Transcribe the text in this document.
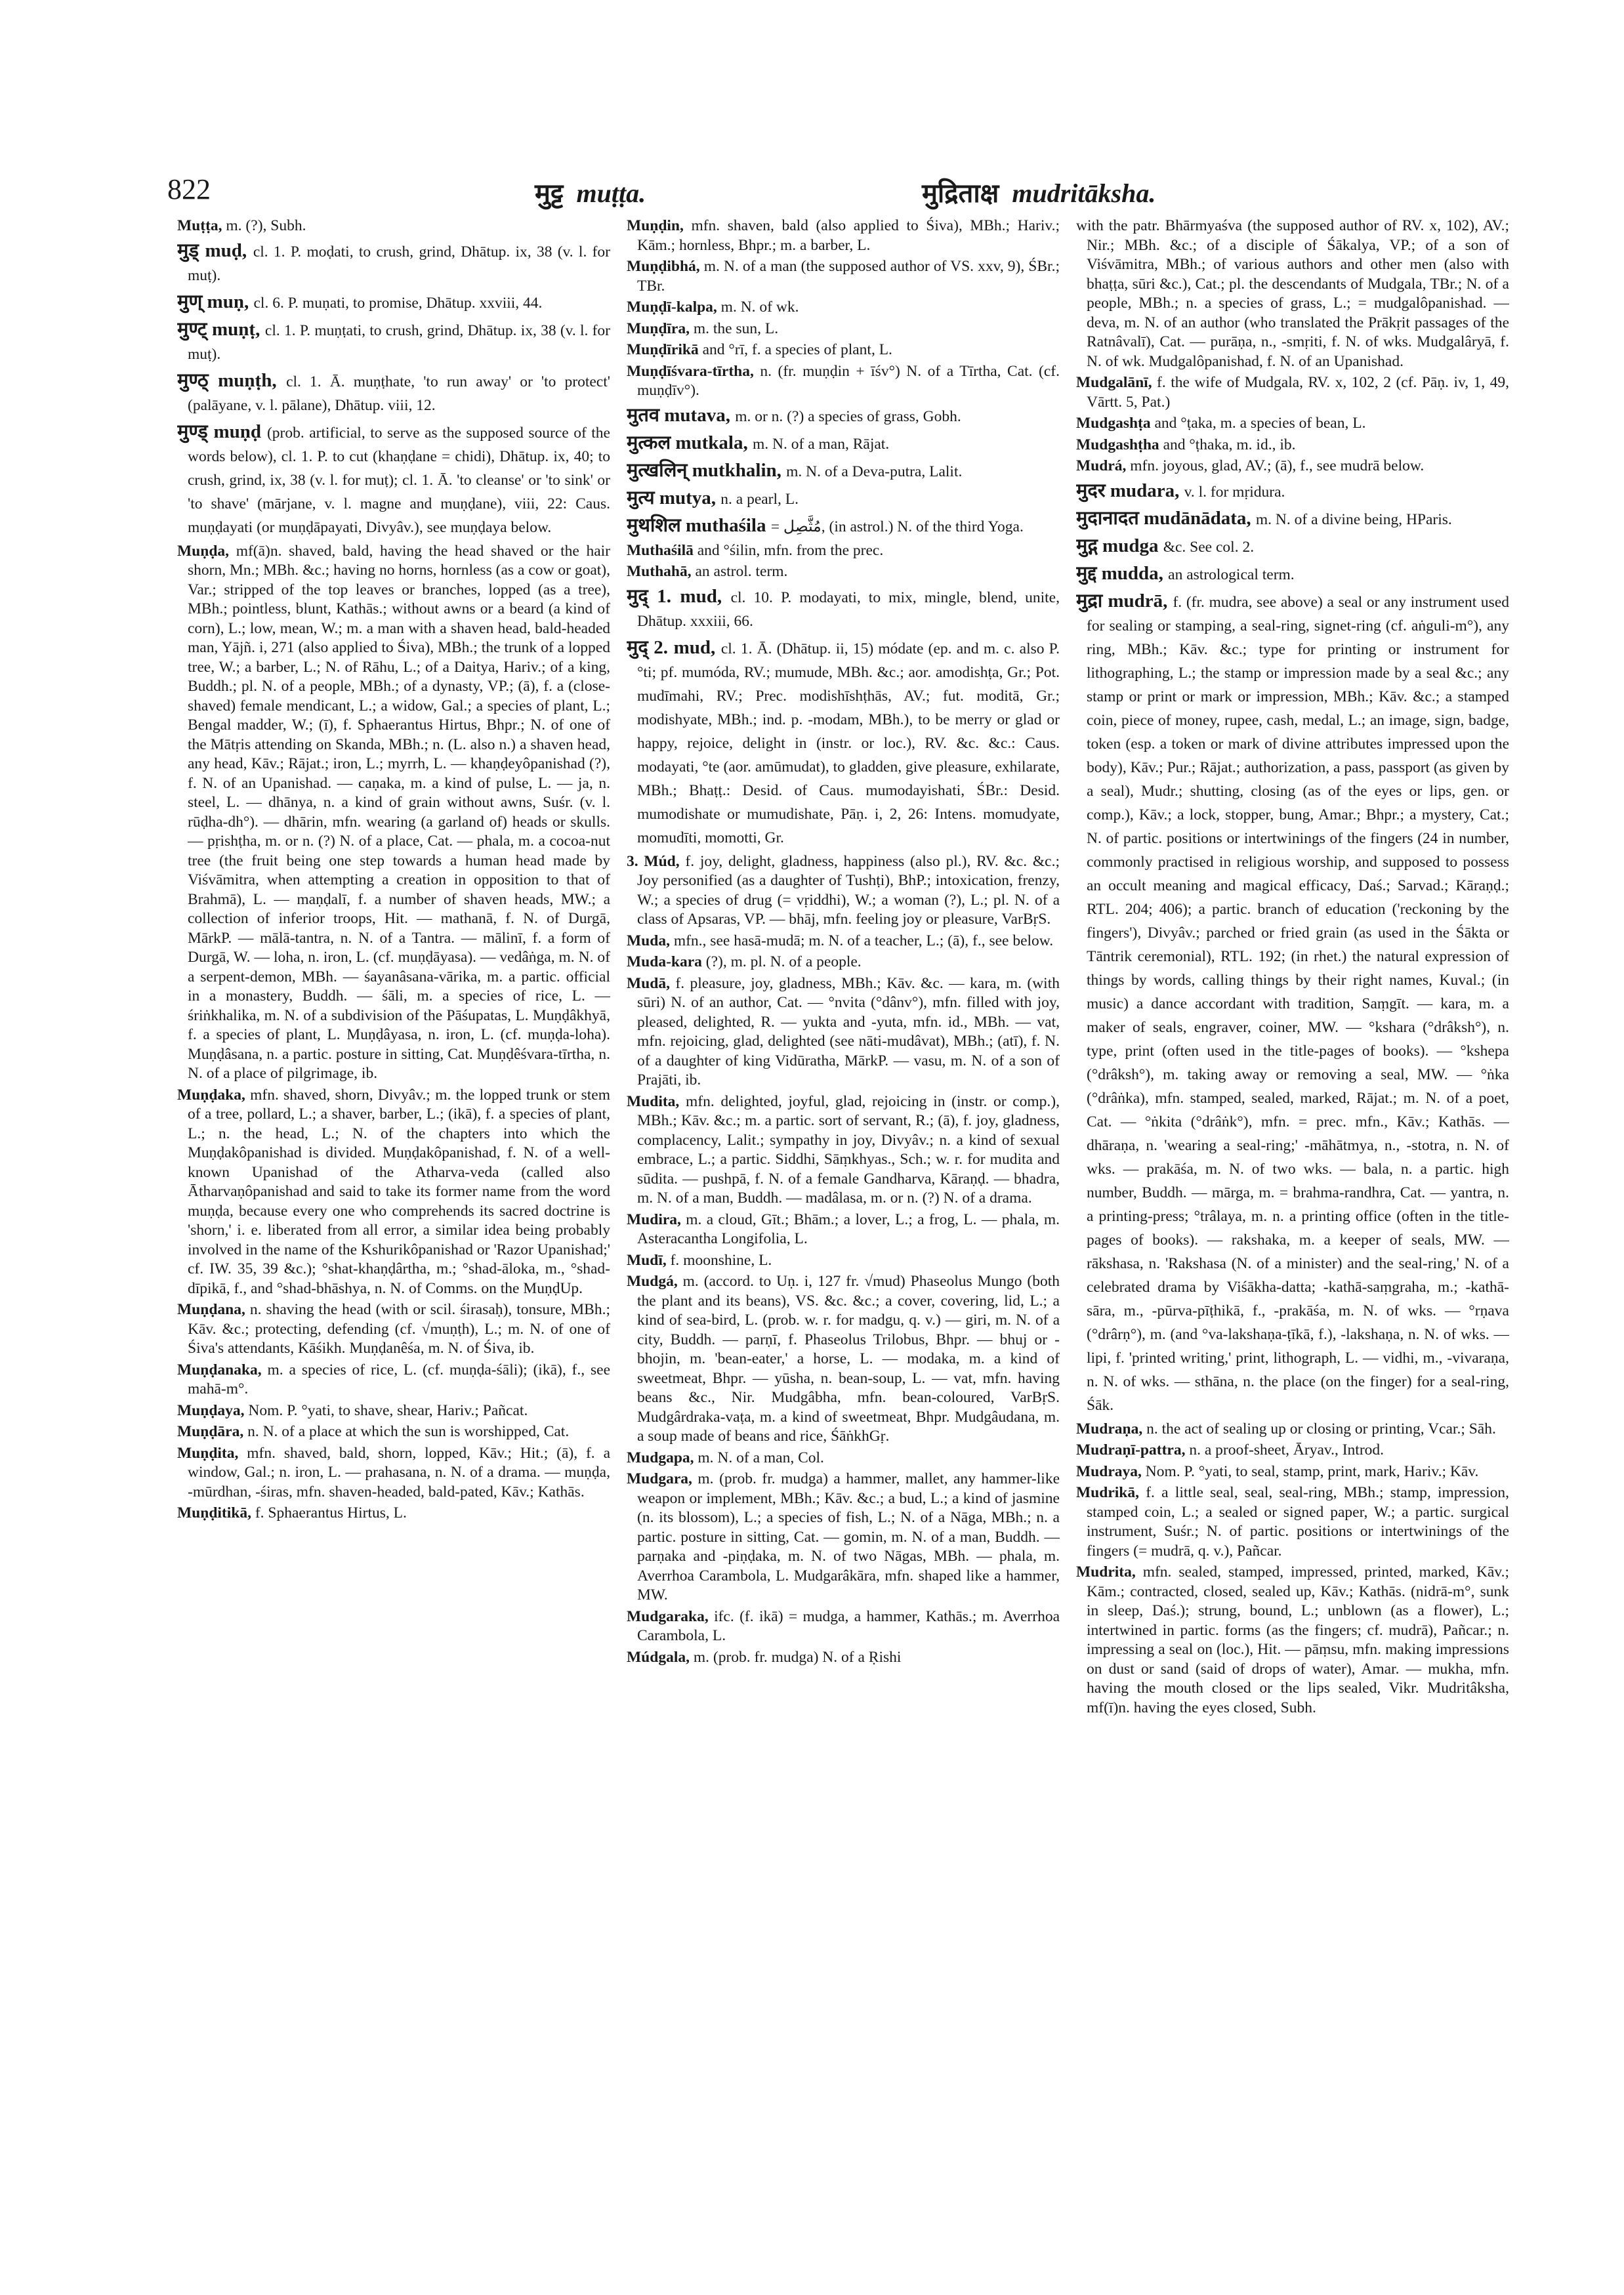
822	मुट्ट muṭṭa.	मुद्रिताक्ष mudritāksha.

Muṭṭa, m. (?), Subh.

मुड् muḍ, cl. 1. P. moḍati, to crush, grind, Dhātup. ix, 38 (v. l. for muṭ).

मुण् muṇ, cl. 6. P. muṇati, to promise, Dhātup. xxviii, 44.

मुण्ट् muṇṭ, cl. 1. P. muṇṭati, to crush, grind, Dhātup. ix, 38 (v. l. for muṭ).

मुण्ठ् muṇṭh, cl. 1. Ā. muṇṭhate, 'to run away' or 'to protect' (palāyane, v. l. pālane), Dhātup. viii, 12.

मुण्ड् muṇḍ (prob. artificial, to serve as the supposed source of the words below), cl. 1. P. to cut (khaṇḍane = chidi), Dhātup. ix, 40; to crush, grind, ix, 38 (v. l. for muṭ); cl. 1. Ā. 'to cleanse' or 'to sink' or 'to shave' (mārjane, v. l. magne and muṇḍane), viii, 22: Caus. muṇḍayati (or muṇḍāpayati, Divyâv.), see muṇḍaya below.

Muṇḍa, mf(ā)n. shaved, bald, having the head shaved or the hair shorn, Mn.; MBh. &c.; having no horns, hornless (as a cow or goat), Var.; stripped of the top leaves or branches, lopped (as a tree), MBh.; pointless, blunt, Kathās.; without awns or a beard (a kind of corn), L.; low, mean, W.; m. a man with a shaven head, bald-headed man, Yājñ. i, 271 (also applied to Śiva), MBh.; the trunk of a lopped tree, W.; a barber, L.; N. of Rāhu, L.; of a Daitya, Hariv.; of a king, Buddh.; pl. N. of a people, MBh.; of a dynasty, VP.; (ā), f. a (close-shaved) female mendicant, L.; a widow, Gal.; a species of plant, L.; Bengal madder, W.; (ī), f. Sphaerantus Hirtus, Bhpr.; N. of one of the Mātṛis attending on Skanda, MBh.; n. (L. also n.) a shaven head, any head, Kāv.; Rājat.; iron, L.; myrrh, L. — khaṇḍeyôpanishad (?), f. N. of an Upanishad. — caṇaka, m. a kind of pulse, L. — ja, n. steel, L. — dhānya, n. a kind of grain without awns, Suśr. (v. l. rūḍha-dh°). — dhārin, mfn. wearing (a garland of) heads or skulls. — pṛishṭha, m. or n. (?) N. of a place, Cat. — phala, m. a cocoa-nut tree (the fruit being one step towards a human head made by Viśvāmitra, when attempting a creation in opposition to that of Brahmā), L. — maṇḍalī, f. a number of shaven heads, MW.; a collection of inferior troops, Hit. — mathanā, f. N. of Durgā, MārkP. — mālā-tantra, n. N. of a Tantra. — mālinī, f. a form of Durgā, W. — loha, n. iron, L. (cf. muṇḍāyasa). — vedâṅga, m. N. of a serpent-demon, MBh. — śayanâsana-vārika, m. a partic. official in a monastery, Buddh. — śāli, m. a species of rice, L. — śriṅkhalika, m. N. of a subdivision of the Pāśupatas, L. Muṇḍâkhyā, f. a species of plant, L. Muṇḍâyasa, n. iron, L. (cf. muṇḍa-loha). Muṇḍâsana, n. a partic. posture in sitting, Cat. Muṇḍêśvara-tīrtha, n. N. of a place of pilgrimage, ib.

Muṇḍaka, mfn. shaved, shorn, Divyâv.; m. the lopped trunk or stem of a tree, pollard, L.; a shaver, barber, L.; (ikā), f. a species of plant, L.; n. the head, L.; N. of the chapters into which the Muṇḍakôpanishad is divided. Muṇḍakôpanishad, f. N. of a well-known Upanishad of the Atharva-veda (called also Ātharvaṇôpanishad and said to take its former name from the word muṇḍa, because every one who comprehends its sacred doctrine is 'shorn,' i. e. liberated from all error, a similar idea being probably involved in the name of the Kshurikôpanishad or 'Razor Upanishad;' cf. IW. 35, 39 &c.); °shat-khaṇḍârtha, m.; °shad-āloka, m., °shad-dīpikā, f., and °shad-bhāshya, n. N. of Comms. on the MuṇḍUp.

Muṇḍana, n. shaving the head (with or scil. śirasaḥ), tonsure, MBh.; Kāv. &c.; protecting, defending (cf. √muṇṭh), L.; m. N. of one of Śiva's attendants, Kāśikh. Muṇḍanêśa, m. N. of Śiva, ib.

Muṇḍanaka, m. a species of rice, L. (cf. muṇḍa-śāli); (ikā), f., see mahā-m°.

Muṇḍaya, Nom. P. °yati, to shave, shear, Hariv.; Pañcat.

Muṇḍāra, n. N. of a place at which the sun is worshipped, Cat.

Muṇḍita, mfn. shaved, bald, shorn, lopped, Kāv.; Hit.; (ā), f. a window, Gal.; n. iron, L. — prahasana, n. N. of a drama. — muṇḍa, -mūrdhan, -śiras, mfn. shaven-headed, bald-pated, Kāv.; Kathās.

Muṇḍitikā, f. Sphaerantus Hirtus, L.

Muṇḍin, mfn. shaven, bald (also applied to Śiva), MBh.; Hariv.; Kām.; hornless, Bhpr.; m. a barber, L.

Muṇḍibhá, m. N. of a man (the supposed author of VS. xxv, 9), ŚBr.; TBr.

Muṇḍī-kalpa, m. N. of wk.

Muṇḍīra, m. the sun, L.

Muṇḍīrikā and °rī, f. a species of plant, L.

Muṇḍīśvara-tīrtha, n. (fr. muṇḍin + īśv°) N. of a Tīrtha, Cat. (cf. muṇḍīv°).

मुतव mutava, m. or n. (?) a species of grass, Gobh.

मुत्कल mutkala, m. N. of a man, Rājat.

मुत्खलिन् mutkhalin, m. N. of a Deva-putra, Lalit.

मुत्य mutya, n. a pearl, L.

मुथशिल muthaśila = مُثَّصِل, (in astrol.) N. of the third Yoga.

Muthaśilā and °śilin, mfn. from the prec.

Muthahā, an astrol. term.

मुद् 1. mud, cl. 10. P. modayati, to mix, mingle, blend, unite, Dhātup. xxxiii, 66.

मुद् 2. mud, cl. 1. Ā. (Dhātup. ii, 15) módate (ep. and m. c. also P. °ti; pf. mumóda, RV.; mumude, MBh. &c.; aor. amodishṭa, Gr.; Pot. mudīmahi, RV.; Prec. modishīshṭhās, AV.; fut. moditā, Gr.; modishyate, MBh.; ind. p. -modam, MBh.), to be merry or glad or happy, rejoice, delight in (instr. or loc.), RV. &c. &c.: Caus. modayati, °te (aor. amūmudat), to gladden, give pleasure, exhilarate, MBh.; Bhaṭṭ.: Desid. of Caus. mumodayishati, ŚBr.: Desid. mumodishate or mumudishate, Pāṇ. i, 2, 26: Intens. momudyate, momudīti, momotti, Gr.

3. Múd, f. joy, delight, gladness, happiness (also pl.), RV. &c. &c.; Joy personified (as a daughter of Tushṭi), BhP.; intoxication, frenzy, W.; a species of drug (= vṛiddhi), W.; a woman (?), L.; pl. N. of a class of Apsaras, VP. — bhāj, mfn. feeling joy or pleasure, VarBṛS.

Muda, mfn., see hasā-mudā; m. N. of a teacher, L.; (ā), f., see below.

Muda-kara (?), m. pl. N. of a people.

Mudā, f. pleasure, joy, gladness, MBh.; Kāv. &c. — kara, m. (with sūri) N. of an author, Cat. — °nvita (°dânv°), mfn. filled with joy, pleased, delighted, R. — yukta and -yuta, mfn. id., MBh. — vat, mfn. rejoicing, glad, delighted (see nāti-mudâvat), MBh.; (atī), f. N. of a daughter of king Vidūratha, MārkP. — vasu, m. N. of a son of Prajāti, ib.

Mudita, mfn. delighted, joyful, glad, rejoicing in (instr. or comp.), MBh.; Kāv. &c.; m. a partic. sort of servant, R.; (ā), f. joy, gladness, complacency, Lalit.; sympathy in joy, Divyâv.; n. a kind of sexual embrace, L.; a partic. Siddhi, Sāṃkhyas., Sch.; w. r. for mudita and sūdita. — pushpā, f. N. of a female Gandharva, Kāraṇḍ. — bhadra, m. N. of a man, Buddh. — madâlasa, m. or n. (?) N. of a drama.

Mudira, m. a cloud, Gīt.; Bhām.; a lover, L.; a frog, L. — phala, m. Asteracantha Longifolia, L.

Mudī, f. moonshine, L.

Mudgá, m. (accord. to Uṇ. i, 127 fr. √mud) Phaseolus Mungo (both the plant and its beans), VS. &c. &c.; a cover, covering, lid, L.; a kind of sea-bird, L. (prob. w. r. for madgu, q. v.) — giri, m. N. of a city, Buddh. — parṇī, f. Phaseolus Trilobus, Bhpr. — bhuj or -bhojin, m. 'bean-eater,' a horse, L. — modaka, m. a kind of sweetmeat, Bhpr. — yūsha, n. bean-soup, L. — vat, mfn. having beans &c., Nir. Mudgâbha, mfn. bean-coloured, VarBṛS. Mudgârdraka-vaṭa, m. a kind of sweetmeat, Bhpr. Mudgâudana, m. a soup made of beans and rice, ŚāṅkhGṛ.

Mudgapa, m. N. of a man, Col.

Mudgara, m. (prob. fr. mudga) a hammer, mallet, any hammer-like weapon or implement, MBh.; Kāv. &c.; a bud, L.; a kind of jasmine (n. its blossom), L.; a species of fish, L.; N. of a Nāga, MBh.; n. a partic. posture in sitting, Cat. — gomin, m. N. of a man, Buddh. — parṇaka and -piṇḍaka, m. N. of two Nāgas, MBh. — phala, m. Averrhoa Carambola, L. Mudgarâkāra, mfn. shaped like a hammer, MW.

Mudgaraka, ifc. (f. ikā) = mudga, a hammer, Kathās.; m. Averrhoa Carambola, L.

Múdgala, m. (prob. fr. mudga) N. of a Ṛishi

with the patr. Bhārmyaśva (the supposed author of RV. x, 102), AV.; Nir.; MBh. &c.; of a disciple of Śākalya, VP.; of a son of Viśvāmitra, MBh.; of various authors and other men (also with bhaṭṭa, sūri &c.), Cat.; pl. the descendants of Mudgala, TBr.; N. of a people, MBh.; n. a species of grass, L.; = mudgalôpanishad. — deva, m. N. of an author (who translated the Prākṛit passages of the Ratnâvalī), Cat. — purāṇa, n., -smṛiti, f. N. of wks. Mudgalâryā, f. N. of wk. Mudgalôpanishad, f. N. of an Upanishad.

Mudgalānī, f. the wife of Mudgala, RV. x, 102, 2 (cf. Pāṇ. iv, 1, 49, Vārtt. 5, Pat.)

Mudgashṭa and °ṭaka, m. a species of bean, L.

Mudgashṭha and °ṭhaka, m. id., ib.

Mudrá, mfn. joyous, glad, AV.; (ā), f., see mudrā below.

मुदर mudara, v. l. for mṛidura.

मुदानादत mudānādata, m. N. of a divine being, HParis.

मुद्ग mudga &c. See col. 2.

मुद्द mudda, an astrological term.

मुद्रा mudrā, f. (fr. mudra, see above) a seal or any instrument used for sealing or stamping, a seal-ring, signet-ring (cf. aṅguli-m°), any ring, MBh.; Kāv. &c.; type for printing or instrument for lithographing, L.; the stamp or impression made by a seal &c.; any stamp or print or mark or impression, MBh.; Kāv. &c.; a stamped coin, piece of money, rupee, cash, medal, L.; an image, sign, badge, token (esp. a token or mark of divine attributes impressed upon the body), Kāv.; Pur.; Rājat.; authorization, a pass, passport (as given by a seal), Mudr.; shutting, closing (as of the eyes or lips, gen. or comp.), Kāv.; a lock, stopper, bung, Amar.; Bhpr.; a mystery, Cat.; N. of partic. positions or intertwinings of the fingers (24 in number, commonly practised in religious worship, and supposed to possess an occult meaning and magical efficacy, Daś.; Sarvad.; Kāraṇḍ.; RTL. 204; 406); a partic. branch of education ('reckoning by the fingers'), Divyâv.; parched or fried grain (as used in the Śākta or Tāntrik ceremonial), RTL. 192; (in rhet.) the natural expression of things by words, calling things by their right names, Kuval.; (in music) a dance accordant with tradition, Saṃgīt. — kara, m. a maker of seals, engraver, coiner, MW. — °kshara (°drâksh°), n. type, print (often used in the title-pages of books). — °kshepa (°drâksh°), m. taking away or removing a seal, MW. — °ṅka (°drâṅka), mfn. stamped, sealed, marked, Rājat.; m. N. of a poet, Cat. — °ṅkita (°drâṅk°), mfn. = prec. mfn., Kāv.; Kathās. — dhāraṇa, n. 'wearing a seal-ring;' -māhātmya, n., -stotra, n. N. of wks. — prakāśa, m. N. of two wks. — bala, n. a partic. high number, Buddh. — mārga, m. = brahma-randhra, Cat. — yantra, n. a printing-press; °trâlaya, m. n. a printing office (often in the title-pages of books). — rakshaka, m. a keeper of seals, MW. — rākshasa, n. 'Rakshasa (N. of a minister) and the seal-ring,' N. of a celebrated drama by Viśākha-datta; -kathā-saṃgraha, m.; -kathā-sāra, m., -pūrva-pīṭhikā, f., -prakāśa, m. N. of wks. — °rṇava (°drârṇ°), m. (and °va-lakshaṇa-ṭīkā, f.), -lakshaṇa, n. N. of wks. — lipi, f. 'printed writing,' print, lithograph, L. — vidhi, m., -vivaraṇa, n. N. of wks. — sthāna, n. the place (on the finger) for a seal-ring, Śāk.

Mudraṇa, n. the act of sealing up or closing or printing, Vcar.; Sāh.

Mudraṇī-pattra, n. a proof-sheet, Āryav., Introd.

Mudraya, Nom. P. °yati, to seal, stamp, print, mark, Hariv.; Kāv.

Mudrikā, f. a little seal, seal, seal-ring, MBh.; stamp, impression, stamped coin, L.; a sealed or signed paper, W.; a partic. surgical instrument, Suśr.; N. of partic. positions or intertwinings of the fingers (= mudrā, q. v.), Pañcar.

Mudrita, mfn. sealed, stamped, impressed, printed, marked, Kāv.; Kām.; contracted, closed, sealed up, Kāv.; Kathās. (nidrā-m°, sunk in sleep, Daś.); strung, bound, L.; unblown (as a flower), L.; intertwined in partic. forms (as the fingers; cf. mudrā), Pañcar.; n. impressing a seal on (loc.), Hit. — pāṃsu, mfn. making impressions on dust or sand (said of drops of water), Amar. — mukha, mfn. having the mouth closed or the lips sealed, Vikr. Mudritâksha, mf(ī)n. having the eyes closed, Subh.
